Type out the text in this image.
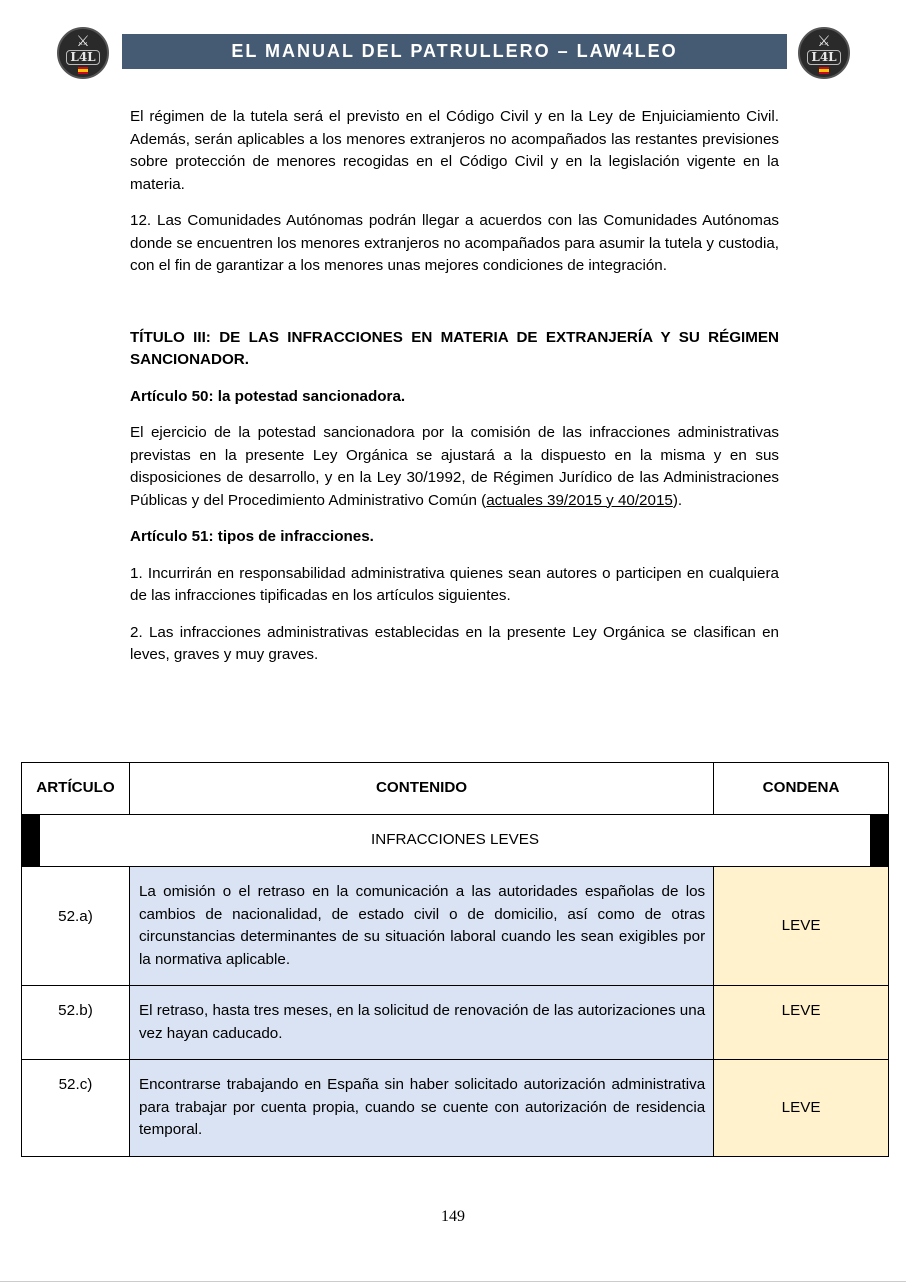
⚔
L4L	EL MANUAL DEL PATRULLERO – LAW4LEO	⚔
L4L

El régimen de la tutela será el previsto en el Código Civil y en la Ley de Enjuiciamiento Civil. Además, serán aplicables a los menores extranjeros no acompañados las restantes previsiones sobre protección de menores recogidas en el Código Civil y en la legislación vigente en la materia.

12. Las Comunidades Autónomas podrán llegar a acuerdos con las Comunidades Autónomas donde se encuentren los menores extranjeros no acompañados para asumir la tutela y custodia, con el fin de garantizar a los menores unas mejores condiciones de integración.

TÍTULO III: DE LAS INFRACCIONES EN MATERIA DE EXTRANJERÍA Y SU RÉGIMEN SANCIONADOR.

Artículo 50: la potestad sancionadora.

El ejercicio de la potestad sancionadora por la comisión de las infracciones administrativas previstas en la presente Ley Orgánica se ajustará a la dispuesto en la misma y en sus disposiciones de desarrollo, y en la Ley 30/1992, de Régimen Jurídico de las Administraciones Públicas y del Procedimiento Administrativo Común (actuales 39/2015 y 40/2015).

Artículo 51: tipos de infracciones.

1. Incurrirán en responsabilidad administrativa quienes sean autores o participen en cualquiera de las infracciones tipificadas en los artículos siguientes.

2. Las infracciones administrativas establecidas en la presente Ley Orgánica se clasifican en leves, graves y muy graves.

ARTÍCULO	CONTENIDO	CONDENA

INFRACCIONES LEVES		

52.a)	La omisión o el retraso en la comunicación a las autoridades españolas de los cambios de nacionalidad, de estado civil o de domicilio, así como de otras circunstancias determinantes de su situación laboral cuando les sean exigibles por la normativa aplicable.	LEVE
52.b)	El retraso, hasta tres meses, en la solicitud de renovación de las autorizaciones una vez hayan caducado.	LEVE
52.c)	Encontrarse trabajando en España sin haber solicitado autorización administrativa para trabajar por cuenta propia, cuando se cuente con autorización de residencia temporal.	LEVE
149
